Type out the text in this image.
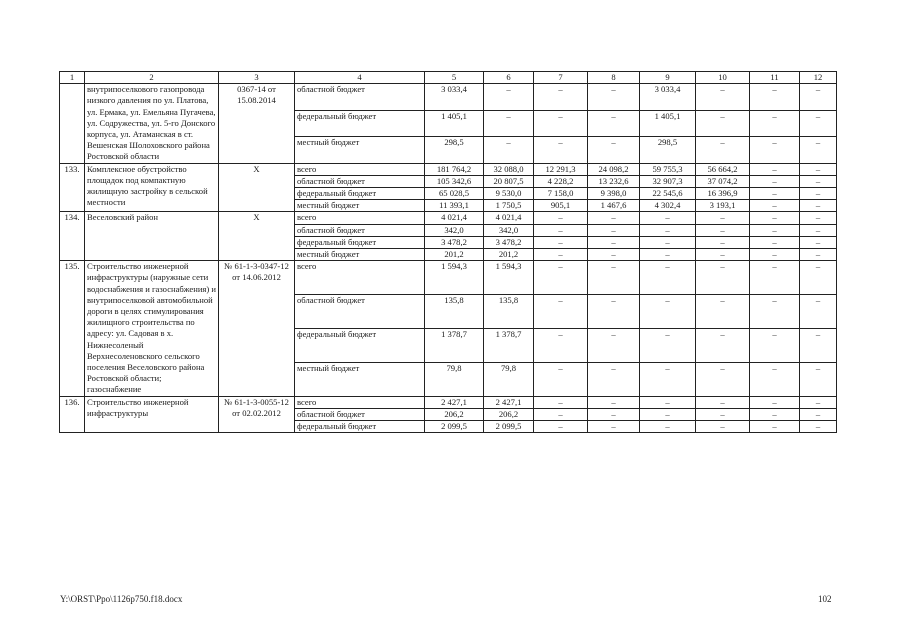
1	2	3	4	5	6	7	8	9	10	11	12
	внутрипоселкового газопровода низкого давления по ул. Платова, ул. Ермака, ул. Емельяна Пугачева, ул. Содружества, ул. 5-го Донского корпуса, ул. Атаманская в ст. Вешенская Шолоховского района Ростовской области	0367-14 от 15.08.2014	областной бюджет	3 033,4	–	–	–	3 033,4	–	–	–
			федеральный бюджет	1 405,1	–	–	–	1 405,1	–	–	–
			местный бюджет	298,5	–	–	–	298,5	–	–	–
133.	Комплексное обустройство площадок под компактную жилищную застройку в сельской местности	Х	всего	181 764,2	32 088,0	12 291,3	24 098,2	59 755,3	56 664,2	–	–
			областной бюджет	105 342,6	20 807,5	4 228,2	13 232,6	32 907,3	37 074,2	–	–
			федеральный бюджет	65 028,5	9 530,0	7 158,0	9 398,0	22 545,6	16 396,9	–	–
			местный бюджет	11 393,1	1 750,5	905,1	1 467,6	4 302,4	3 193,1	–	–
134.	Веселовский район	Х	всего	4 021,4	4 021,4	–	–	–	–	–	–
			областной бюджет	342,0	342,0	–	–	–	–	–	–
			федеральный бюджет	3 478,2	3 478,2	–	–	–	–	–	–
			местный бюджет	201,2	201,2	–	–	–	–	–	–
135.	Строительство инженерной инфраструктуры (наружные сети водоснабжения и газоснабжения) и внутрипоселковой автомобильной дороги в целях стимулирования жилищного строительства по адресу: ул. Садовая в х. Нижнесоленый Верхнесоленовского сельского поселения Веселовского района Ростовской области; газоснабжение	№ 61-1-3-0347-12 от 14.06.2012	всего	1 594,3	1 594,3	–	–	–	–	–	–
			областной бюджет	135,8	135,8	–	–	–	–	–	–
			федеральный бюджет	1 378,7	1 378,7	–	–	–	–	–	–
			местный бюджет	79,8	79,8	–	–	–	–	–	–
136.	Строительство инженерной инфраструктуры	№ 61-1-3-0055-12 от 02.02.2012	всего	2 427,1	2 427,1	–	–	–	–	–	–
			областной бюджет	206,2	206,2	–	–	–	–	–	–
			федеральный бюджет	2 099,5	2 099,5	–	–	–	–	–	–
Y:\ORST\Ppo\1126p750.f18.docx	102
